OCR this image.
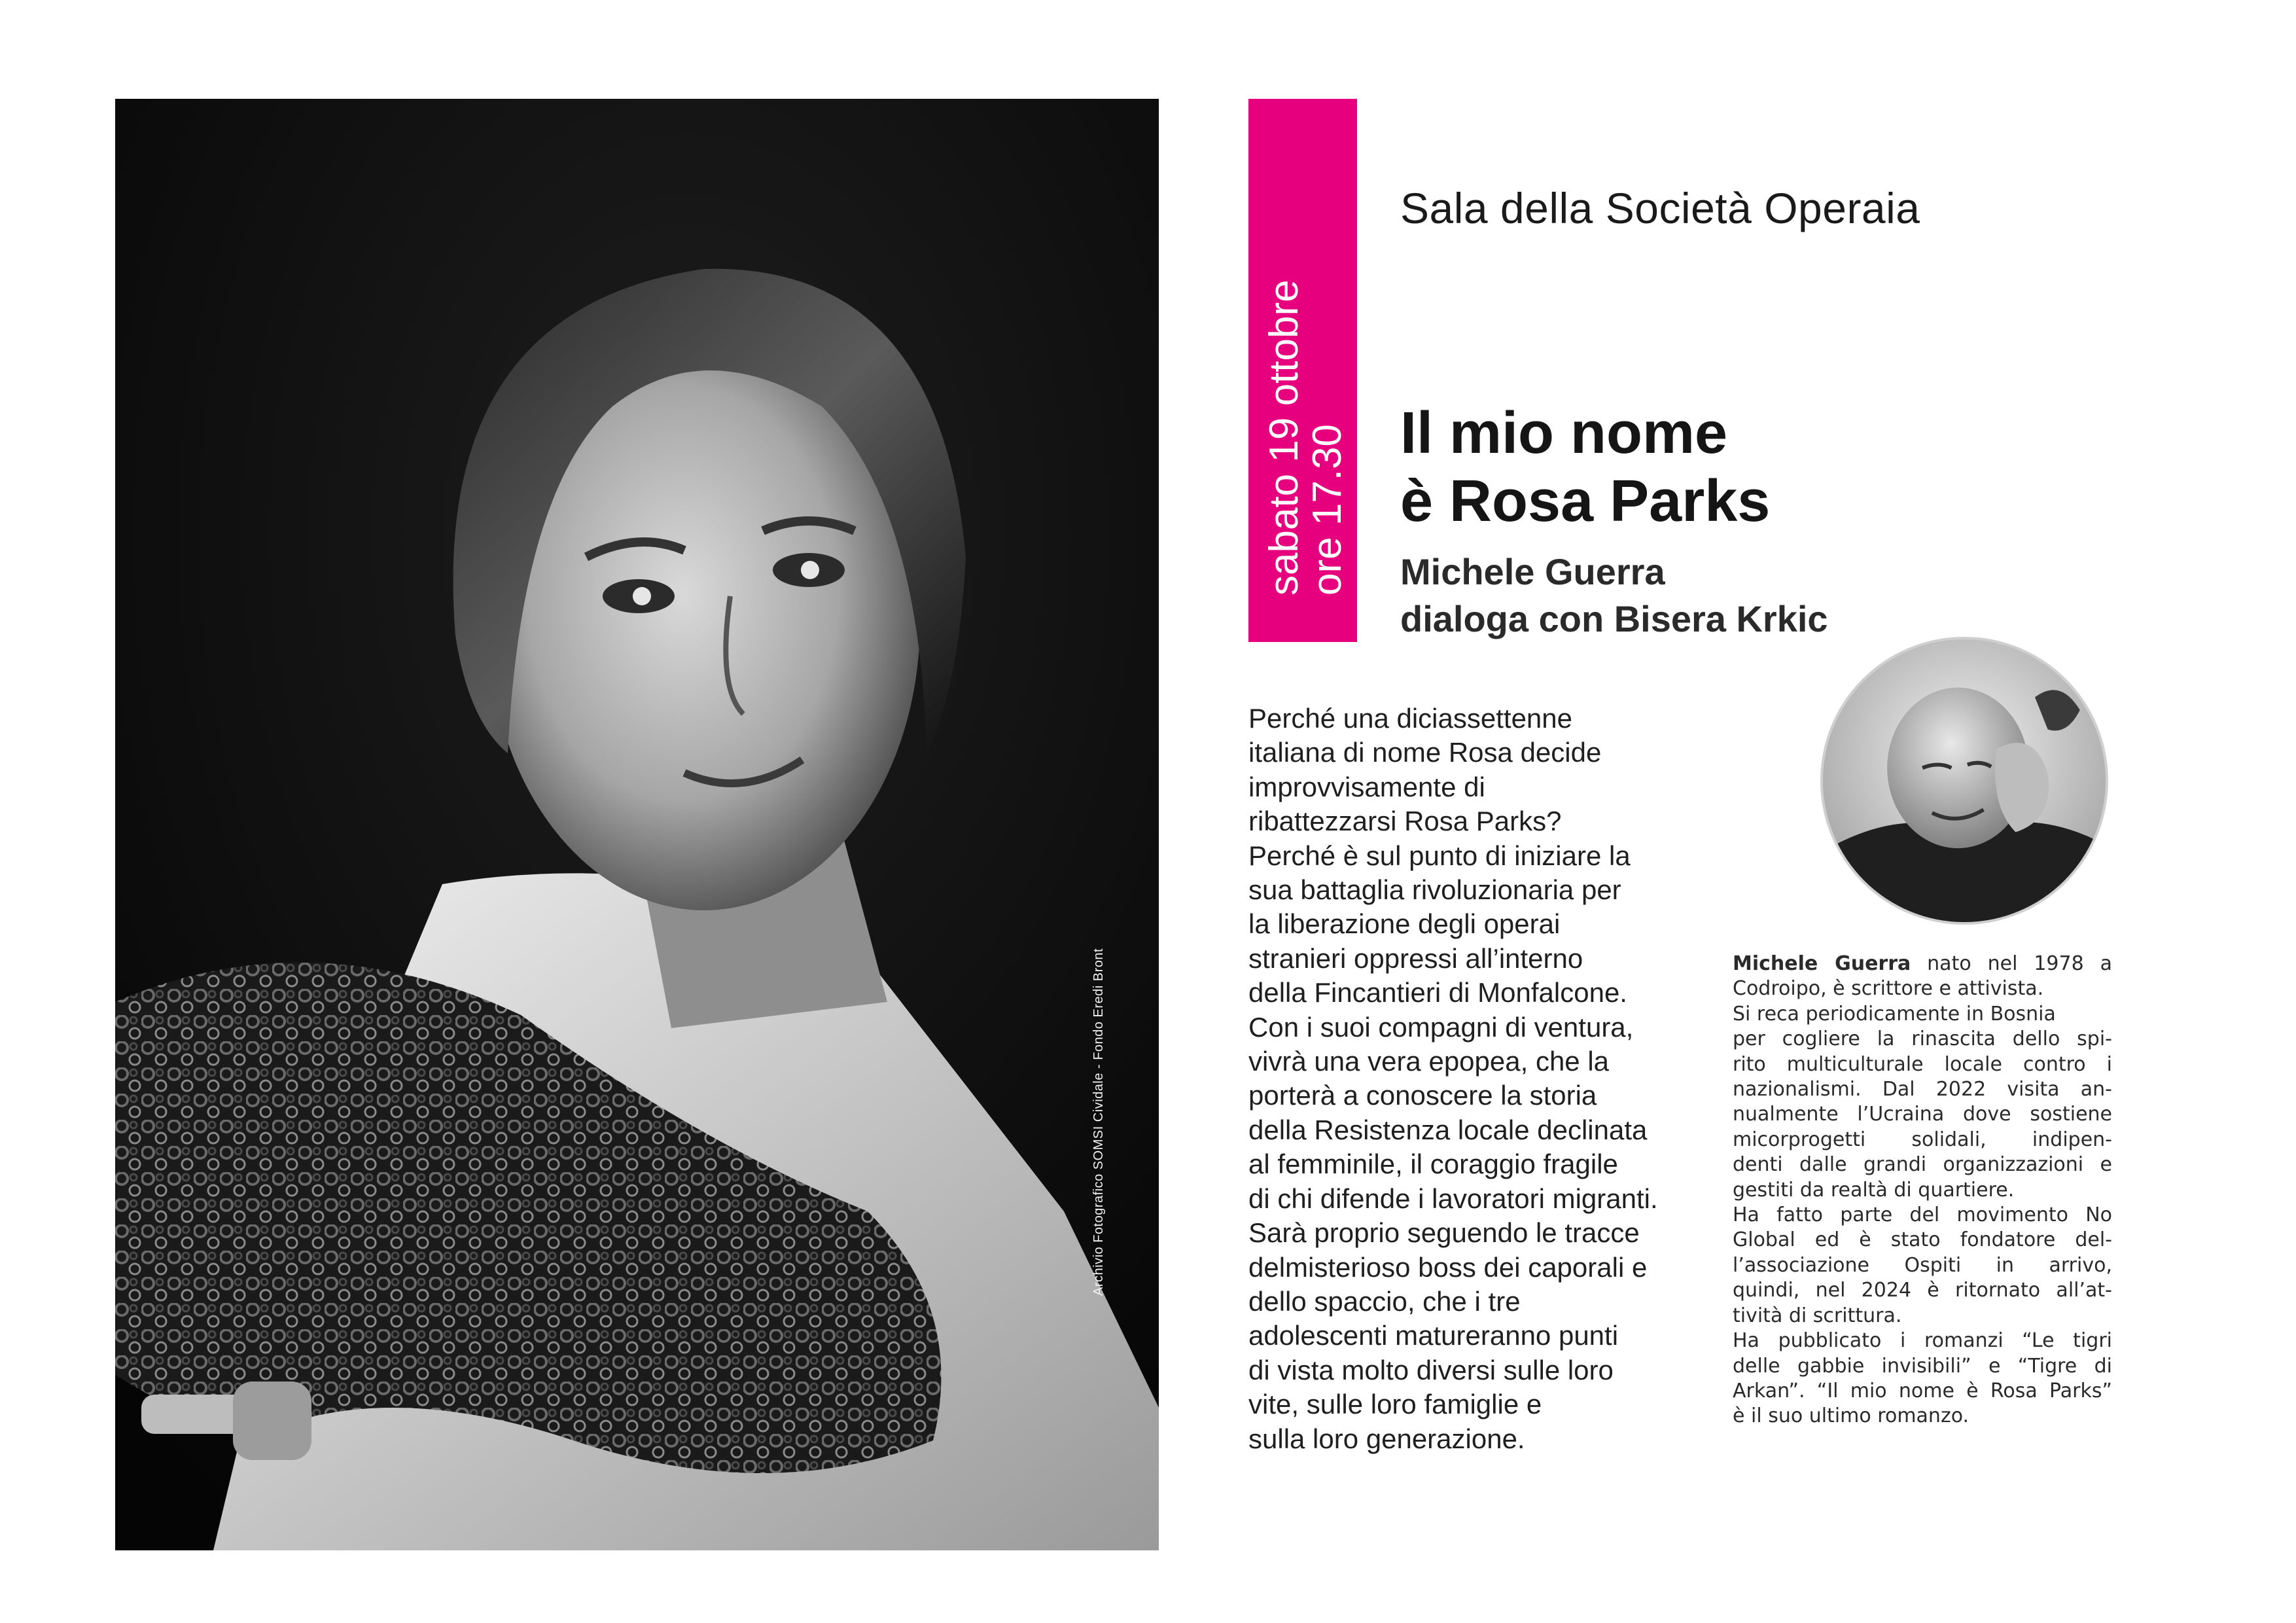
Archivio Fotografico SOMSI Cividale - Fondo Eredi Bront
sabato 19 ottobre
ore 17.30
Sala della Società Operaia
Il mio nome
è Rosa Parks
Michele Guerra
dialoga con Bisera Krkic
Perché una diciassettenne
italiana di nome Rosa decide
improvvisamente di
ribattezzarsi Rosa Parks?
Perché è sul punto di iniziare la
sua battaglia rivoluzionaria per
la liberazione degli operai
stranieri oppressi all’interno
della Fincantieri di Monfalcone.
Con i suoi compagni di ventura,
vivrà una vera epopea, che la
porterà a conoscere la storia
della Resistenza locale declinata
al femminile, il coraggio fragile
di chi difende i lavoratori migranti.
Sarà proprio seguendo le tracce
delmisterioso boss dei caporali e
dello spaccio, che i tre
adolescenti matureranno punti
di vista molto diversi sulle loro
vite, sulle loro famiglie e
sulla loro generazione.
Michele Guerra nato nel 1978 a
Codroipo, è scrittore e attivista.
Si reca periodicamente in Bosnia
per cogliere la rinascita dello spi-
rito multiculturale locale contro i
nazionalismi. Dal 2022 visita an-
nualmente l’Ucraina dove sostiene
micorprogetti solidali, indipen-
denti dalle grandi organizzazioni e
gestiti da realtà di quartiere.
Ha fatto parte del movimento No
Global ed è stato fondatore del-
l’associazione Ospiti in arrivo,
quindi, nel 2024 è ritornato all’at-
tività di scrittura.
Ha pubblicato i romanzi “Le tigri
delle gabbie invisibili” e “Tigre di
Arkan”. “Il mio nome è Rosa Parks”
è il suo ultimo romanzo.
